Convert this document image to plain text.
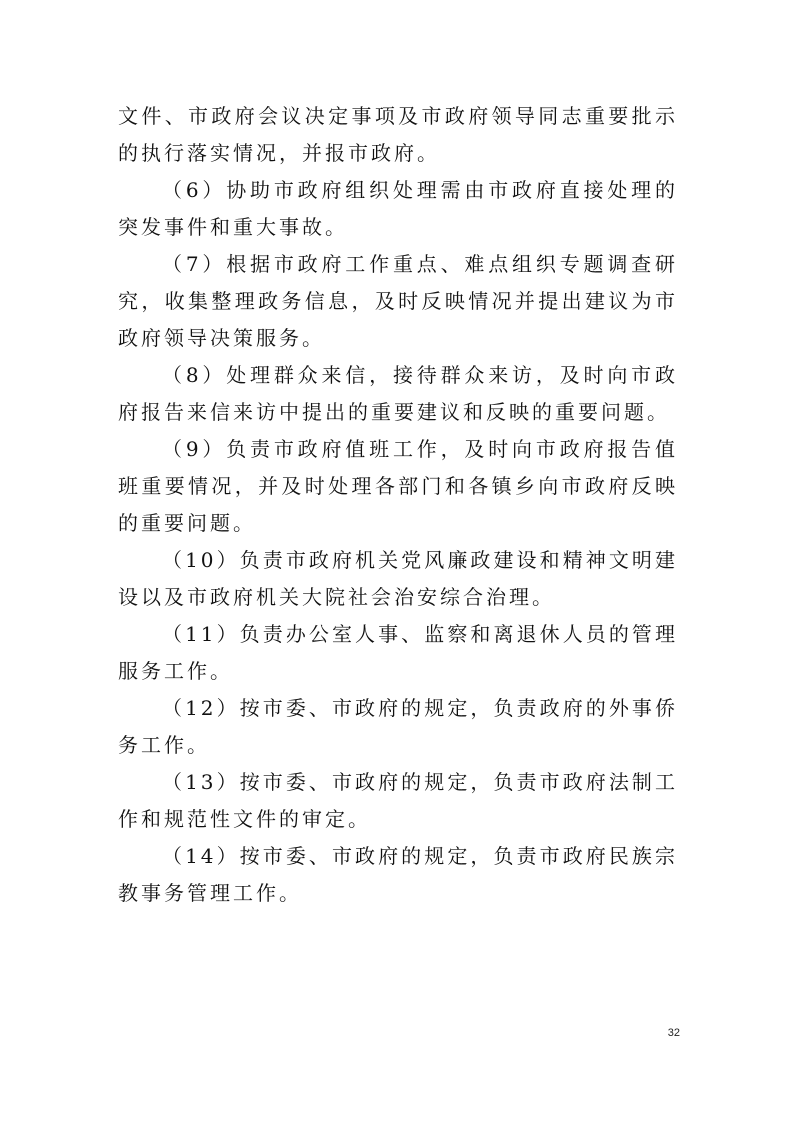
文件、市政府会议决定事项及市政府领导同志重要批示的执行落实情况，并报市政府。

（6）协助市政府组织处理需由市政府直接处理的突发事件和重大事故。

（7）根据市政府工作重点、难点组织专题调查研究，收集整理政务信息，及时反映情况并提出建议为市政府领导决策服务。

（8）处理群众来信，接待群众来访，及时向市政府报告来信来访中提出的重要建议和反映的重要问题。

（9）负责市政府值班工作，及时向市政府报告值班重要情况，并及时处理各部门和各镇乡向市政府反映的重要问题。

（10）负责市政府机关党风廉政建设和精神文明建设以及市政府机关大院社会治安综合治理。

（11）负责办公室人事、监察和离退休人员的管理服务工作。

（12）按市委、市政府的规定，负责政府的外事侨务工作。

（13）按市委、市政府的规定，负责市政府法制工作和规范性文件的审定。

（14）按市委、市政府的规定，负责市政府民族宗教事务管理工作。

32
